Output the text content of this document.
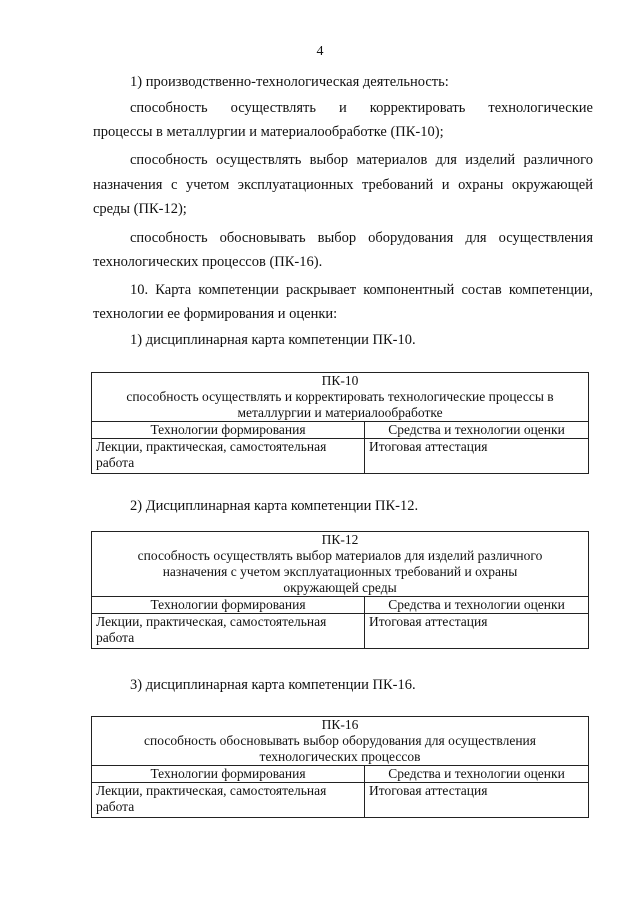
4
1) производственно-технологическая деятельность:
способность осуществлять и корректировать технологические
процессы в металлургии и материалообработке (ПК-10);
способность осуществлять выбор материалов для изделий различного
назначения с учетом эксплуатационных требований и охраны окружающей
среды (ПК-12);
способность обосновывать выбор оборудования для осуществления
технологических процессов (ПК-16).
10. Карта компетенции раскрывает компонентный состав компетенции,
технологии ее формирования и оценки:
1) дисциплинарная карта компетенции ПК-10.
ПК-10
способность осуществлять и корректировать технологические процессы в
металлургии и материалообработке	

Технологии формирования	Средства и технологии оценки
Лекции, практическая, самостоятельная работа	Итоговая аттестация
2) Дисциплинарная карта компетенции ПК-12.
ПК-12
способность осуществлять выбор материалов для изделий различного
назначения с учетом эксплуатационных требований и охраны
окружающей среды	

Технологии формирования	Средства и технологии оценки
Лекции, практическая, самостоятельная работа	Итоговая аттестация
3) дисциплинарная карта компетенции ПК-16.
ПК-16
способность обосновывать выбор оборудования для осуществления
технологических процессов	

Технологии формирования	Средства и технологии оценки
Лекции, практическая, самостоятельная работа	Итоговая аттестация
